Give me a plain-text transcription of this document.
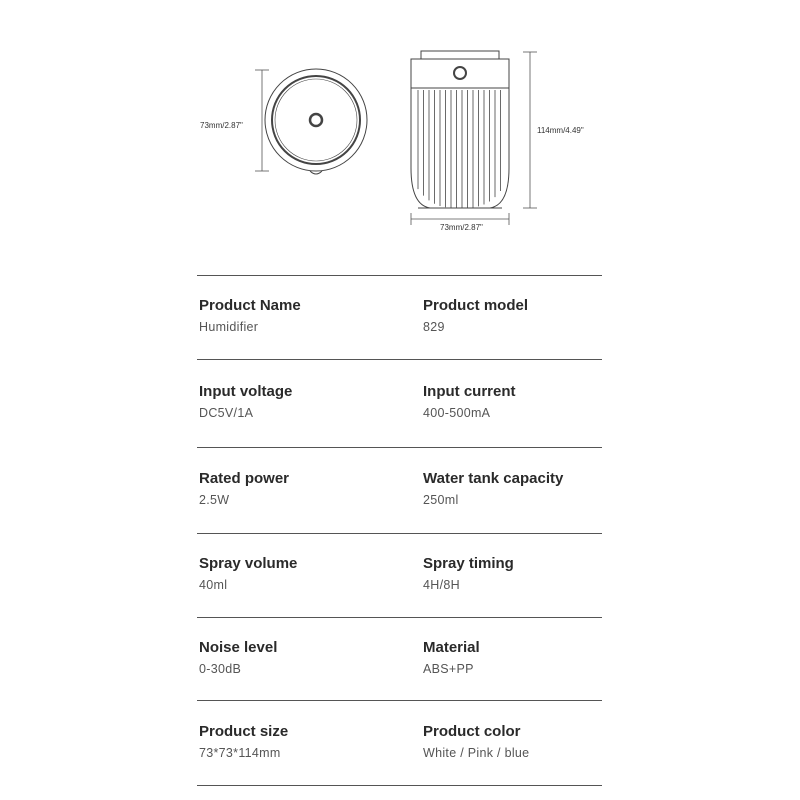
73mm/2.87"
114mm/4.49"
73mm/2.87"
Product Name
Humidifier
Product model
829
Input voltage
DC5V/1A
Input current
400-500mA
Rated power
2.5W
Water tank capacity
250ml
Spray volume
40ml
Spray timing
4H/8H
Noise level
0-30dB
Material
ABS+PP
Product size
73*73*114mm
Product color
White / Pink / blue
